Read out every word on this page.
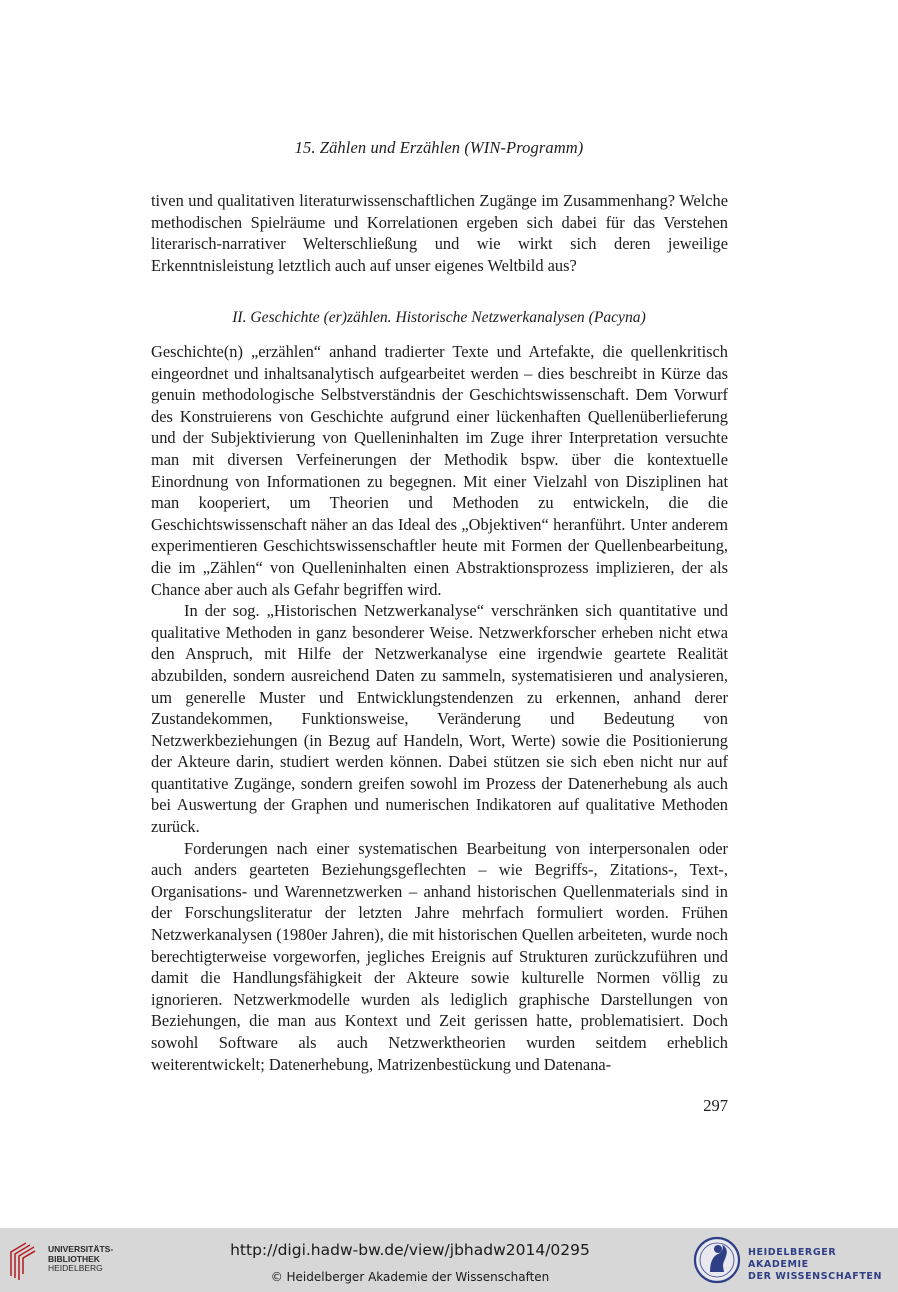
15. Zählen und Erzählen (WIN-Programm)

tiven und qualitativen literaturwissenschaftlichen Zugänge im Zusammenhang? Welche methodischen Spielräume und Korrelationen ergeben sich dabei für das Verstehen literarisch-narrativer Welterschließung und wie wirkt sich deren jeweilige Erkenntnisleistung letztlich auch auf unser eigenes Weltbild aus?

II. Geschichte (er)zählen. Historische Netzwerkanalysen (Pacyna)

Geschichte(n) „erzählen“ anhand tradierter Texte und Artefakte, die quellenkritisch eingeordnet und inhaltsanalytisch aufgearbeitet werden – dies beschreibt in Kürze das genuin methodologische Selbstverständnis der Geschichtswissenschaft. Dem Vorwurf des Konstruierens von Geschichte aufgrund einer lückenhaften Quellenüberlieferung und der Subjektivierung von Quelleninhalten im Zuge ihrer Interpretation versuchte man mit diversen Verfeinerungen der Methodik bspw. über die kontextuelle Einordnung von Informationen zu begegnen. Mit einer Vielzahl von Disziplinen hat man kooperiert, um Theorien und Methoden zu entwickeln, die die Geschichtswissenschaft näher an das Ideal des „Objektiven“ heranführt. Unter anderem experimentieren Geschichtswissenschaftler heute mit Formen der Quellenbearbeitung, die im „Zählen“ von Quelleninhalten einen Abstraktionsprozess implizieren, der als Chance aber auch als Gefahr begriffen wird.

In der sog. „Historischen Netzwerkanalyse“ verschränken sich quantitative und qualitative Methoden in ganz besonderer Weise. Netzwerkforscher erheben nicht etwa den Anspruch, mit Hilfe der Netzwerkanalyse eine irgendwie geartete Realität abzubilden, sondern ausreichend Daten zu sammeln, systematisieren und analysieren, um generelle Muster und Entwicklungstendenzen zu erkennen, anhand derer Zustandekommen, Funktionsweise, Veränderung und Bedeutung von Netzwerkbeziehungen (in Bezug auf Handeln, Wort, Werte) sowie die Positionierung der Akteure darin, studiert werden können. Dabei stützen sie sich eben nicht nur auf quantitative Zugänge, sondern greifen sowohl im Prozess der Datenerhebung als auch bei Auswertung der Graphen und numerischen Indikatoren auf qualitative Methoden zurück.

Forderungen nach einer systematischen Bearbeitung von interpersonalen oder auch anders gearteten Beziehungsgeflechten – wie Begriffs-, Zitations-, Text-, Organisations- und Warennetzwerken – anhand historischen Quellenmaterials sind in der Forschungsliteratur der letzten Jahre mehrfach formuliert worden. Frühen Netzwerkanalysen (1980er Jahren), die mit historischen Quellen arbeiteten, wurde noch berechtigterweise vorgeworfen, jegliches Ereignis auf Strukturen zurückzuführen und damit die Handlungsfähigkeit der Akteure sowie kulturelle Normen völlig zu ignorieren. Netzwerkmodelle wurden als lediglich graphische Darstellungen von Beziehungen, die man aus Kontext und Zeit gerissen hatte, problematisiert. Doch sowohl Software als auch Netzwerktheorien wurden seitdem erheblich weiterentwickelt; Datenerhebung, Matrizenbestückung und Datenana-

297
UNIVERSITÄTS-
BIBLIOTHEK
HEIDELBERG
http://digi.hadw-bw.de/view/jbhadw2014/0295
© Heidelberger Akademie der Wissenschaften
HEIDELBERGER AKADEMIE
DER WISSENSCHAFTEN
